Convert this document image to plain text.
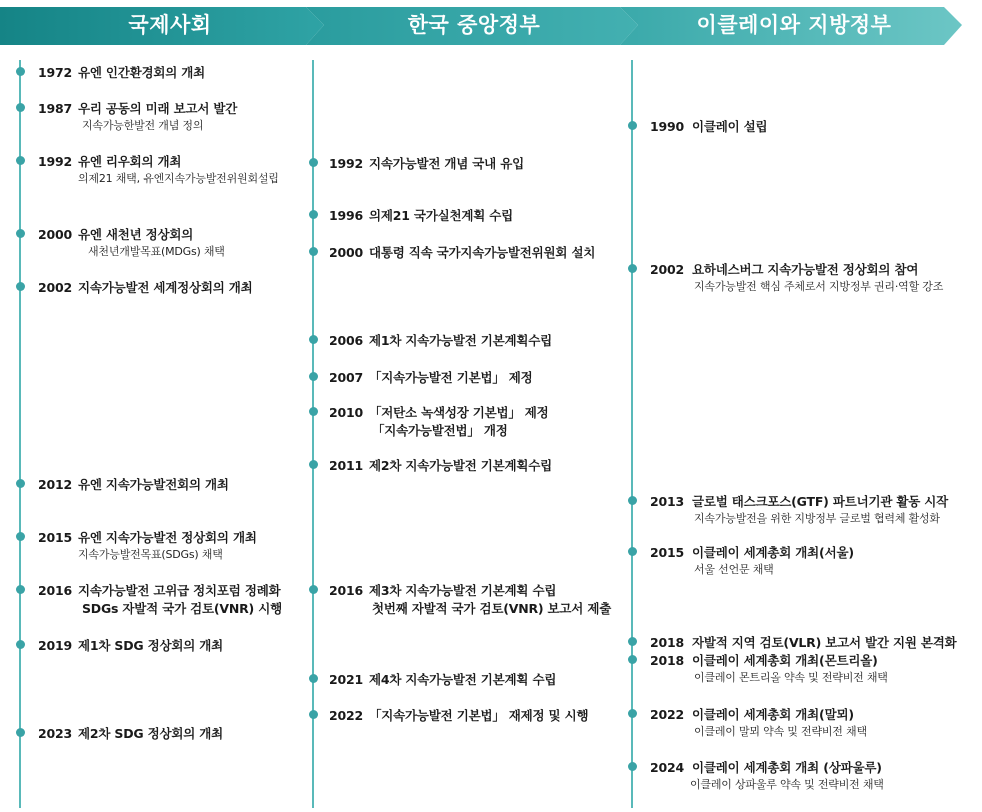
국제사회	한국 중앙정부	이클레이와 지방정부
1972 유엔 인간환경회의 개최
1987 우리 공동의 미래 보고서 발간
지속가능한발전 개념 정의
1992 유엔 리우회의 개최
의제21 채택, 유엔지속가능발전위원회설립
2000 유엔 새천년 정상회의
새천년개발목표(MDGs) 채택
2002 지속가능발전 세계정상회의 개최
2012 유엔 지속가능발전회의 개최
2015 유엔 지속가능발전 정상회의 개최
지속가능발전목표(SDGs) 채택
2016 지속가능발전 고위급 정치포럼 정례화
SDGs 자발적 국가 검토(VNR) 시행
2019 제1차 SDG 정상회의 개최
2023 제2차 SDG 정상회의 개최
1992 지속가능발전 개념 국내 유입
1996 의제21 국가실천계획 수립
2000 대통령 직속 국가지속가능발전위원회 설치
2006 제1차 지속가능발전 기본계획수립
2007 「지속가능발전 기본법」 제정
2010 「저탄소 녹색성장 기본법」 제정
「지속가능발전법」 개정
2011 제2차 지속가능발전 기본계획수립
2016 제3차 지속가능발전 기본계획 수립
첫번째 자발적 국가 검토(VNR) 보고서 제출
2021 제4차 지속가능발전 기본계획 수립
2022 「지속가능발전 기본법」 재제정 및 시행
1990 이클레이 설립
2002 요하네스버그 지속가능발전 정상회의 참여
지속가능발전 핵심 주체로서 지방정부 권리·역할 강조
2013 글로벌 태스크포스(GTF) 파트너기관 활동 시작
지속가능발전을 위한 지방정부 글로벌 협력체 활성화
2015 이클레이 세계총회 개최(서울)
서울 선언문 채택
2018 자발적 지역 검토(VLR) 보고서 발간 지원 본격화
2018 이클레이 세계총회 개최(몬트리올)
이클레이 몬트리올 약속 및 전략비전 채택
2022 이클레이 세계총회 개최(말뫼)
이클레이 말뫼 약속 및 전략비전 채택
2024 이클레이 세계총회 개최 (상파울루)
이클레이 상파울루 약속 및 전략비전 채택
